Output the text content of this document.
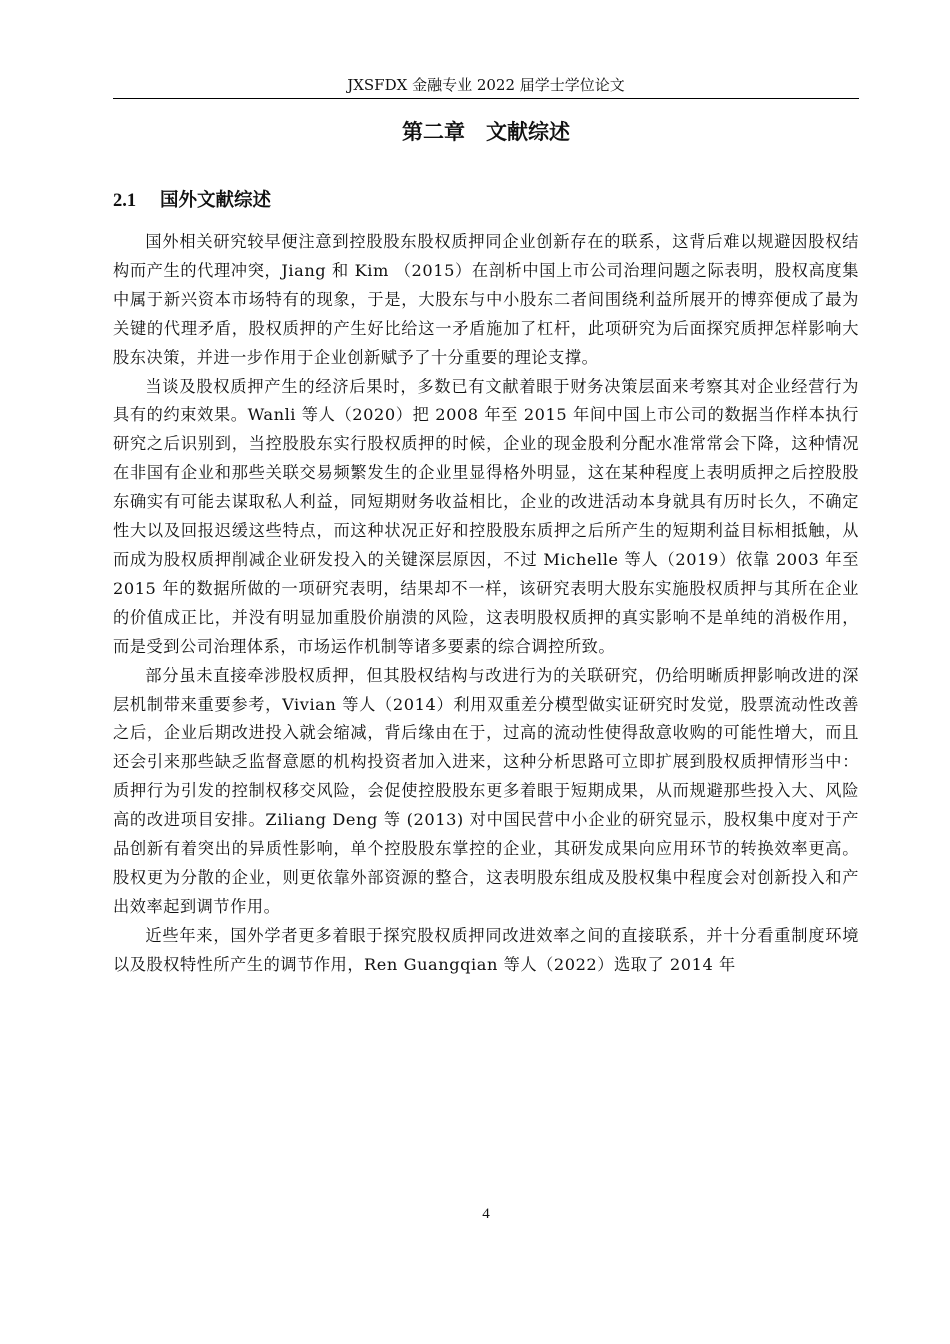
JXSFDX 金融专业 2022 届学士学位论文
第二章　文献综述
2.1 国外文献综述

国外相关研究较早便注意到控股股东股权质押同企业创新存在的联系，这背后难以规避因股权结构而产生的代理冲突，Jiang 和 Kim （2015）在剖析中国上市公司治理问题之际表明，股权高度集中属于新兴资本市场特有的现象，于是，大股东与中小股东二者间围绕利益所展开的博弈便成了最为关键的代理矛盾，股权质押的产生好比给这一矛盾施加了杠杆，此项研究为后面探究质押怎样影响大股东决策，并进一步作用于企业创新赋予了十分重要的理论支撑。

当谈及股权质押产生的经济后果时，多数已有文献着眼于财务决策层面来考察其对企业经营行为具有的约束效果。Wanli 等人（2020）把 2008 年至 2015 年间中国上市公司的数据当作样本执行研究之后识别到，当控股股东实行股权质押的时候，企业的现金股利分配水准常常会下降，这种情况在非国有企业和那些关联交易频繁发生的企业里显得格外明显，这在某种程度上表明质押之后控股股东确实有可能去谋取私人利益，同短期财务收益相比，企业的改进活动本身就具有历时长久，不确定性大以及回报迟缓这些特点，而这种状况正好和控股股东质押之后所产生的短期利益目标相抵触，从而成为股权质押削减企业研发投入的关键深层原因，不过 Michelle 等人（2019）依靠 2003 年至 2015 年的数据所做的一项研究表明，结果却不一样，该研究表明大股东实施股权质押与其所在企业的价值成正比，并没有明显加重股价崩溃的风险，这表明股权质押的真实影响不是单纯的消极作用，而是受到公司治理体系，市场运作机制等诸多要素的综合调控所致。

部分虽未直接牵涉股权质押，但其股权结构与改进行为的关联研究，仍给明晰质押影响改进的深层机制带来重要参考，Vivian 等人（2014）利用双重差分模型做实证研究时发觉，股票流动性改善之后，企业后期改进投入就会缩减，背后缘由在于，过高的流动性使得敌意收购的可能性增大，而且还会引来那些缺乏监督意愿的机构投资者加入进来，这种分析思路可立即扩展到股权质押情形当中：质押行为引发的控制权移交风险，会促使控股股东更多着眼于短期成果，从而规避那些投入大、风险高的改进项目安排。Ziliang Deng 等 (2013) 对中国民营中小企业的研究显示，股权集中度对于产品创新有着突出的异质性影响，单个控股股东掌控的企业，其研发成果向应用环节的转换效率更高。股权更为分散的企业，则更依靠外部资源的整合，这表明股东组成及股权集中程度会对创新投入和产出效率起到调节作用。

近些年来，国外学者更多着眼于探究股权质押同改进效率之间的直接联系，并十分看重制度环境以及股权特性所产生的调节作用，Ren Guangqian 等人（2022）选取了 2014 年

4
